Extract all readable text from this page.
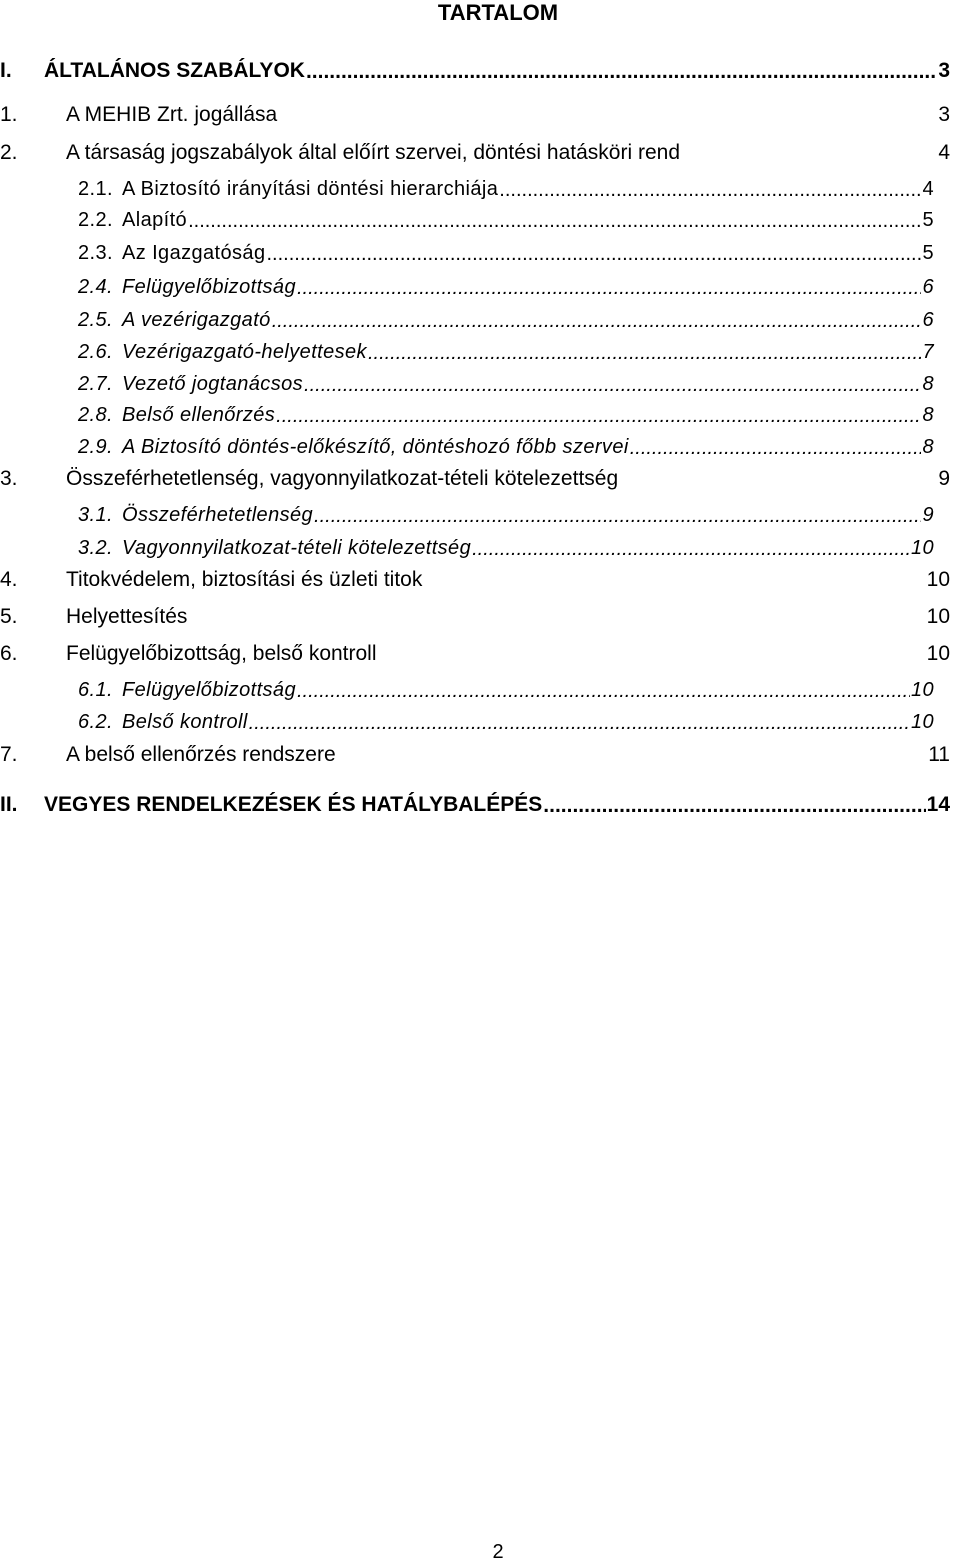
TARTALOM
I.	ÁLTALÁNOS SZABÁLYOK .....	3
1.	A MEHIB Zrt. jogállása	3
2.	A társaság jogszabályok által előírt szervei, döntési hatásköri rend	4
2.1. A Biztosító irányítási döntési hierarchiája .....	4
2.2. Alapító .....	5
2.3. Az Igazgatóság .....	5
2.4. Felügyelőbizottság .....	6
2.5. A vezérigazgató .....	6
2.6. Vezérigazgató-helyettesek .....	7
2.7. Vezető jogtanácsos .....	8
2.8. Belső ellenőrzés .....	8
2.9. A Biztosító döntés-előkészítő, döntéshozó főbb szervei .....	8
3.	Összeférhetetlenség, vagyonnyilatkozat-tételi kötelezettség	9
3.1. Összeférhetetlenség .....	9
3.2. Vagyonnyilatkozat-tételi kötelezettség .....	10
4.	Titokvédelem, biztosítási és üzleti titok	10
5.	Helyettesítés	10
6.	Felügyelőbizottság, belső kontroll	10
6.1. Felügyelőbizottság .....	10
6.2. Belső kontroll .....	10
7.	A belső ellenőrzés rendszere	11
II.	VEGYES RENDELKEZÉSEK ÉS HATÁLYBALÉPÉS .....	14
2
